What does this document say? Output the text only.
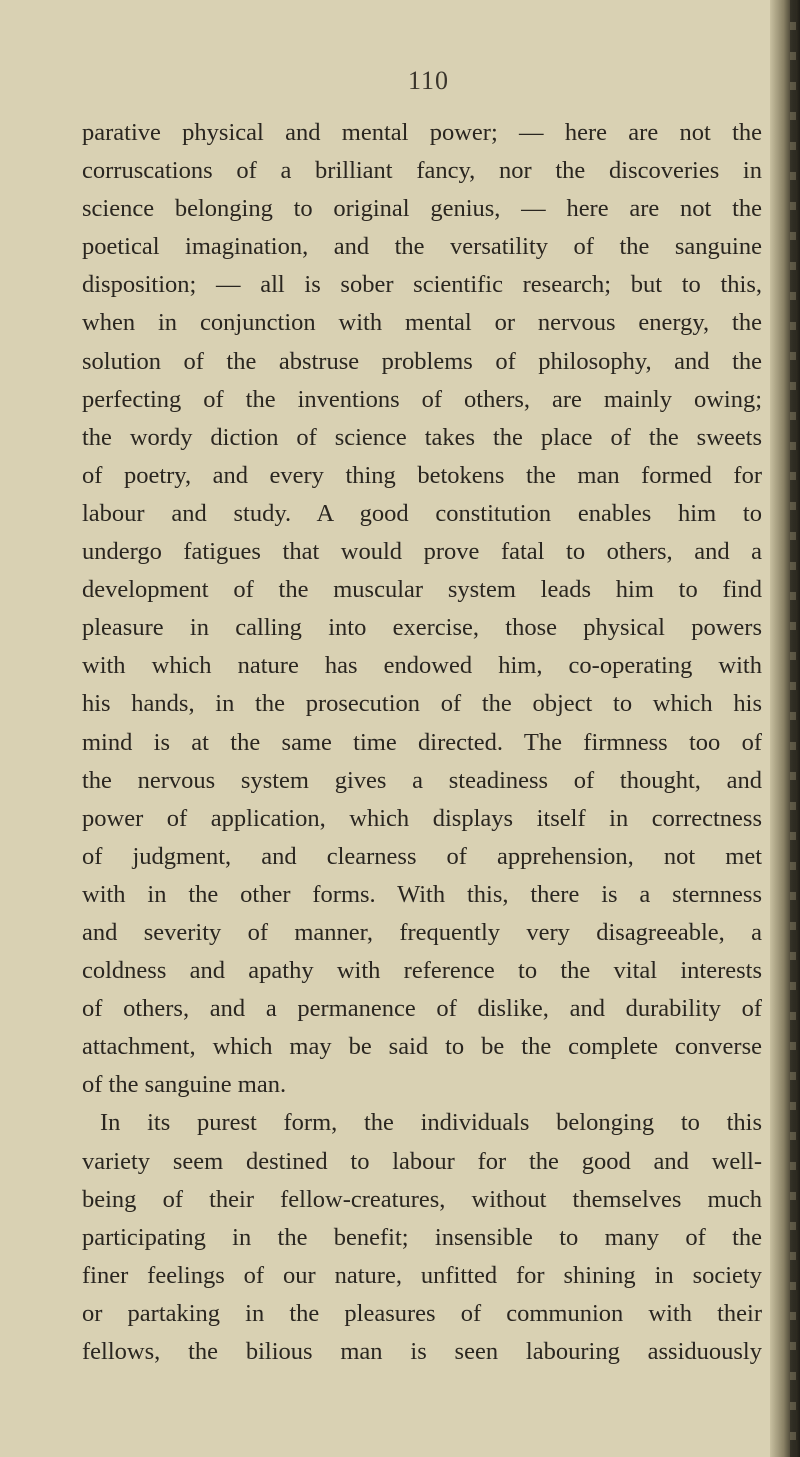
110
parative physical and mental power; — here are not the
corruscations of a brilliant fancy, nor the discoveries in
science belonging to original genius, — here are not the
poetical imagination, and the versatility of the sanguine
disposition; — all is sober scientific research; but to this,
when in conjunction with mental or nervous energy, the
solution of the abstruse problems of philosophy, and the
perfecting of the inventions of others, are mainly owing;
the wordy diction of science takes the place of the sweets
of poetry, and every thing betokens the man formed for
labour and study. A good constitution enables him to
undergo fatigues that would prove fatal to others, and a
development of the muscular system leads him to find
pleasure in calling into exercise, those physical powers
with which nature has endowed him, co-operating with
his hands, in the prosecution of the object to which his
mind is at the same time directed. The firmness too of
the nervous system gives a steadiness of thought, and
power of application, which displays itself in correctness
of judgment, and clearness of apprehension, not met
with in the other forms. With this, there is a sternness
and severity of manner, frequently very disagreeable, a
coldness and apathy with reference to the vital interests
of others, and a permanence of dislike, and durability of
attachment, which may be said to be the complete converse
of the sanguine man.
In its purest form, the individuals belonging to this
variety seem destined to labour for the good and well-
being of their fellow-creatures, without themselves much
participating in the benefit; insensible to many of the
finer feelings of our nature, unfitted for shining in society
or partaking in the pleasures of communion with their
fellows, the bilious man is seen labouring assiduously
